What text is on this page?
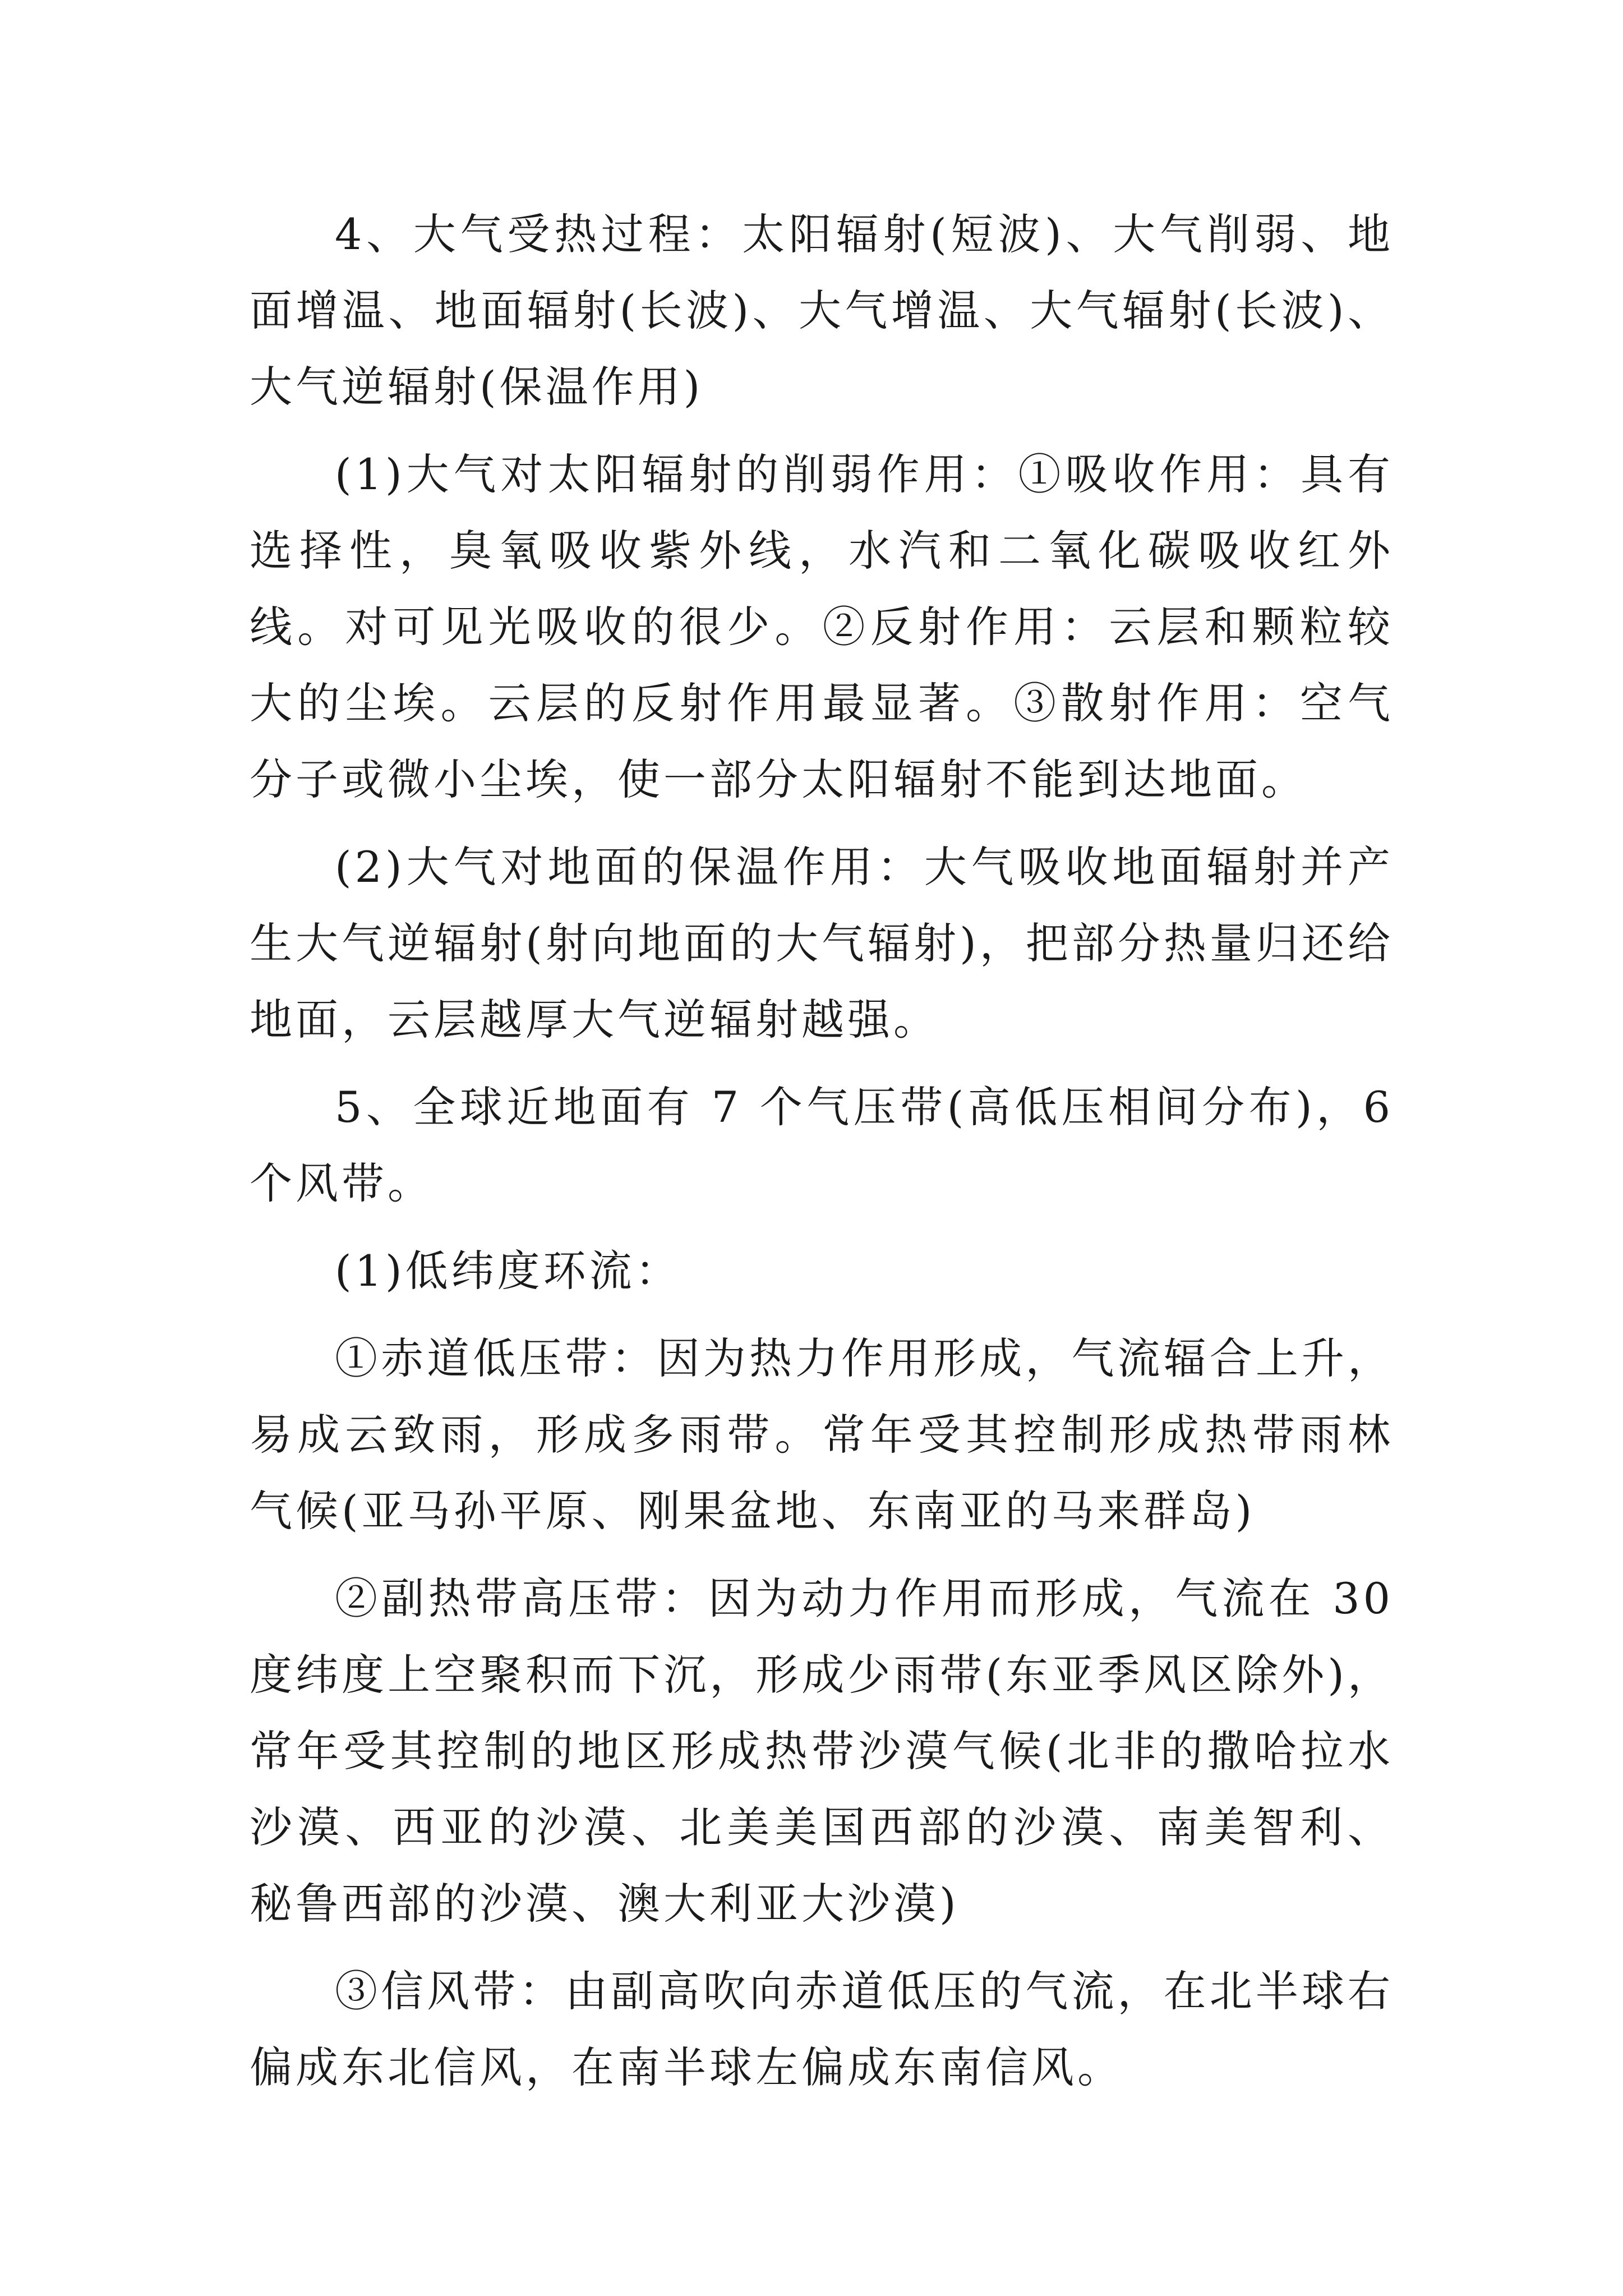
4、大气受热过程：太阳辐射(短波)、大气削弱、地面增温、地面辐射(长波)、大气增温、大气辐射(长波)、大气逆辐射(保温作用)

(1)大气对太阳辐射的削弱作用：①吸收作用：具有选择性，臭氧吸收紫外线，水汽和二氧化碳吸收红外线。对可见光吸收的很少。②反射作用：云层和颗粒较大的尘埃。云层的反射作用最显著。③散射作用：空气分子或微小尘埃，使一部分太阳辐射不能到达地面。

(2)大气对地面的保温作用：大气吸收地面辐射并产生大气逆辐射(射向地面的大气辐射)，把部分热量归还给地面，云层越厚大气逆辐射越强。

5、全球近地面有 7 个气压带(高低压相间分布)，6 个风带。

(1)低纬度环流：

①赤道低压带：因为热力作用形成，气流辐合上升，易成云致雨，形成多雨带。常年受其控制形成热带雨林气候(亚马孙平原、刚果盆地、东南亚的马来群岛)

②副热带高压带：因为动力作用而形成，气流在 30 度纬度上空聚积而下沉，形成少雨带(东亚季风区除外)，常年受其控制的地区形成热带沙漠气候(北非的撒哈拉水沙漠、西亚的沙漠、北美美国西部的沙漠、南美智利、秘鲁西部的沙漠、澳大利亚大沙漠)

③信风带：由副高吹向赤道低压的气流，在北半球右偏成东北信风，在南半球左偏成东南信风。
